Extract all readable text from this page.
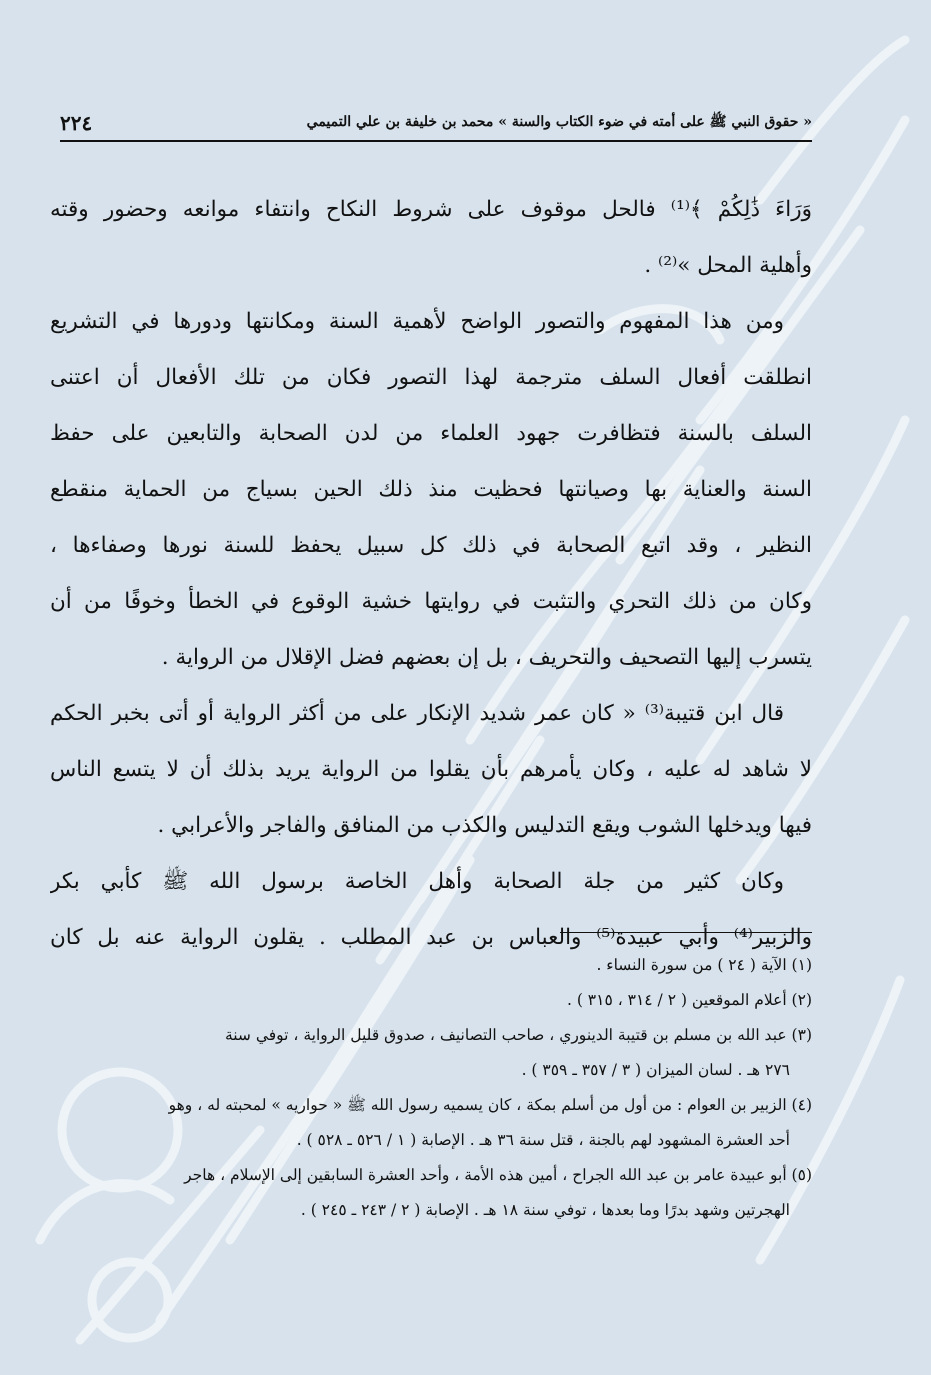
٢٢٤	« حقوق النبي ﷺ على أمته في ضوء الكتاب والسنة » محمد بن خليفة بن علي التميمي
وَرَاءَ ذَٰلِكُمْ ﴾⁽¹⁾ فالحل موقوف على شروط النكاح وانتفاء موانعه وحضور وقته
وأهلية المحل »⁽²⁾ .
ومن هذا المفهوم والتصور الواضح لأهمية السنة ومكانتها ودورها في التشريع
انطلقت أفعال السلف مترجمة لهذا التصور فكان من تلك الأفعال أن اعتنى
السلف بالسنة فتظافرت جهود العلماء من لدن الصحابة والتابعين على حفظ
السنة والعناية بها وصيانتها فحظيت منذ ذلك الحين بسياج من الحماية منقطع
النظير ، وقد اتبع الصحابة في ذلك كل سبيل يحفظ للسنة نورها وصفاءها ،
وكان من ذلك التحري والتثبت في روايتها خشية الوقوع في الخطأ وخوفًا من أن
يتسرب إليها التصحيف والتحريف ، بل إن بعضهم فضل الإقلال من الرواية .
قال ابن قتيبة⁽³⁾ « كان عمر شديد الإنكار على من أكثر الرواية أو أتى بخبر الحكم
لا شاهد له عليه ، وكان يأمرهم بأن يقلوا من الرواية يريد بذلك أن لا يتسع الناس
فيها ويدخلها الشوب ويقع التدليس والكذب من المنافق والفاجر والأعرابي .
وكان كثير من جلة الصحابة وأهل الخاصة برسول الله ﷺ كأبي بكر
والزبير⁽⁴⁾ وأبي عبيدة⁽⁵⁾ والعباس بن عبد المطلب . يقلون الرواية عنه بل كان
(١) الآية ( ٢٤ ) من سورة النساء .
(٢) أعلام الموقعين ( ٢ / ٣١٤ ، ٣١٥ ) .
(٣) عبد الله بن مسلم بن قتيبة الدينوري ، صاحب التصانيف ، صدوق قليل الرواية ، توفي سنة
٢٧٦ هـ . لسان الميزان ( ٣ / ٣٥٧ ـ ٣٥٩ ) .
(٤) الزبير بن العوام : من أول من أسلم بمكة ، كان يسميه رسول الله ﷺ « حواريه » لمحبته له ، وهو
أحد العشرة المشهود لهم بالجنة ، قتل سنة ٣٦ هـ . الإصابة ( ١ / ٥٢٦ ـ ٥٢٨ ) .
(٥) أبو عبيدة عامر بن عبد الله الجراح ، أمين هذه الأمة ، وأحد العشرة السابقين إلى الإسلام ، هاجر
الهجرتين وشهد بدرًا وما بعدها ، توفي سنة ١٨ هـ . الإصابة ( ٢ / ٢٤٣ ـ ٢٤٥ ) .
